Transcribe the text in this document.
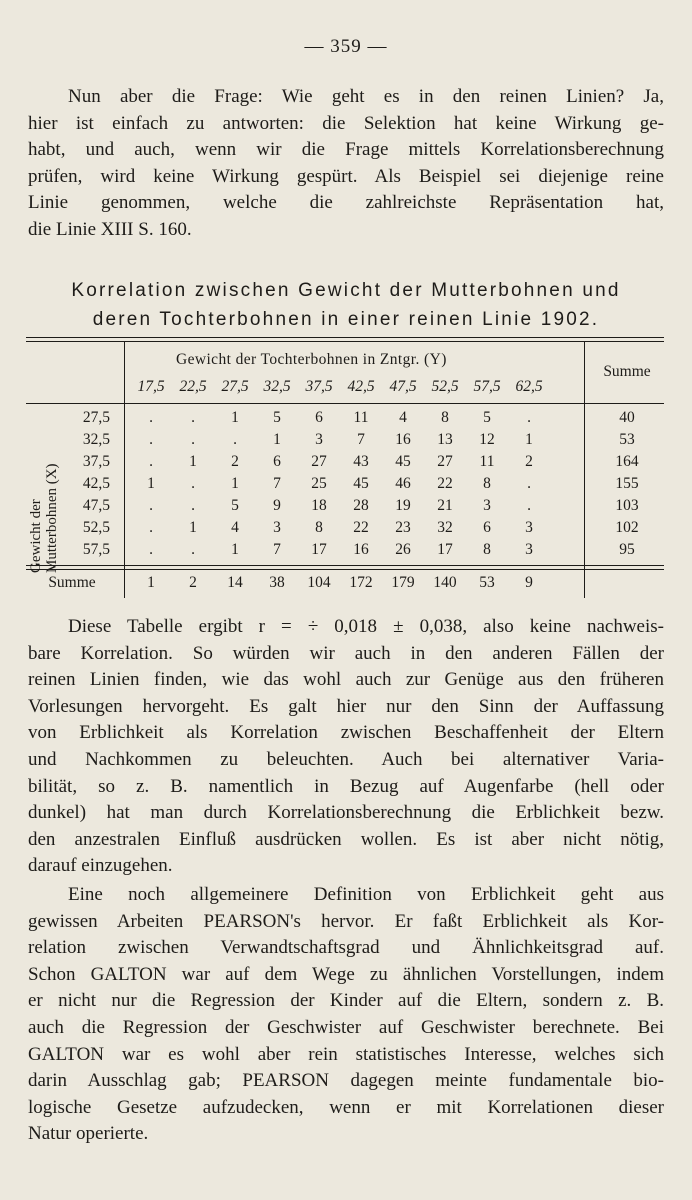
— 359 —

Nun aber die Frage: Wie geht es in den reinen Linien? Ja,
hier ist einfach zu antworten: die Selektion hat keine Wirkung ge-
habt, und auch, wenn wir die Frage mittels Korrelationsberechnung
prüfen, wird keine Wirkung gespürt. Als Beispiel sei diejenige reine
Linie genommen, welche die zahlreichste Repräsentation hat,
die Linie XIII S. 160.

Korrelation zwischen Gewicht der Mutterbohnen und
deren Tochterbohnen in einer reinen Linie 1902.
Gewicht der Tochterbohnen in Zntgr. (Y)
Summe
Gewicht der Mutterbohnen (X)
17,5 22,5 27,5 32,5 37,5 42,5 47,5 52,5 57,5 62,5
27,5	.	.	1	5	6	11	4	8	5	.	40
32,5	.	.	.	1	3	7	16	13	12	1	53
37,5	.	1	2	6	27	43	45	27	11	2	164
42,5	1	.	1	7	25	45	46	22	8	.	155
47,5	.	.	5	9	18	28	19	21	3	.	103
52,5	.	1	4	3	8	22	23	32	6	3	102
57,5	.	.	1	7	17	16	26	17	8	3	95
Summe	1	2	14	38	104	172	179	140	53	9

Diese Tabelle ergibt r = ÷ 0,018 ± 0,038, also keine nachweis-
bare Korrelation. So würden wir auch in den anderen Fällen der
reinen Linien finden, wie das wohl auch zur Genüge aus den früheren
Vorlesungen hervorgeht. Es galt hier nur den Sinn der Auffassung
von Erblichkeit als Korrelation zwischen Beschaffenheit der Eltern
und Nachkommen zu beleuchten. Auch bei alternativer Varia-
bilität, so z. B. namentlich in Bezug auf Augenfarbe (hell oder
dunkel) hat man durch Korrelationsberechnung die Erblichkeit bezw.
den anzestralen Einfluß ausdrücken wollen. Es ist aber nicht nötig,
darauf einzugehen.

Eine noch allgemeinere Definition von Erblichkeit geht aus
gewissen Arbeiten PEARSON's hervor. Er faßt Erblichkeit als Kor-
relation zwischen Verwandtschaftsgrad und Ähnlichkeitsgrad auf.
Schon GALTON war auf dem Wege zu ähnlichen Vorstellungen, indem
er nicht nur die Regression der Kinder auf die Eltern, sondern z. B.
auch die Regression der Geschwister auf Geschwister berechnete. Bei
GALTON war es wohl aber rein statistisches Interesse, welches sich
darin Ausschlag gab; PEARSON dagegen meinte fundamentale bio-
logische Gesetze aufzudecken, wenn er mit Korrelationen dieser
Natur operierte.
